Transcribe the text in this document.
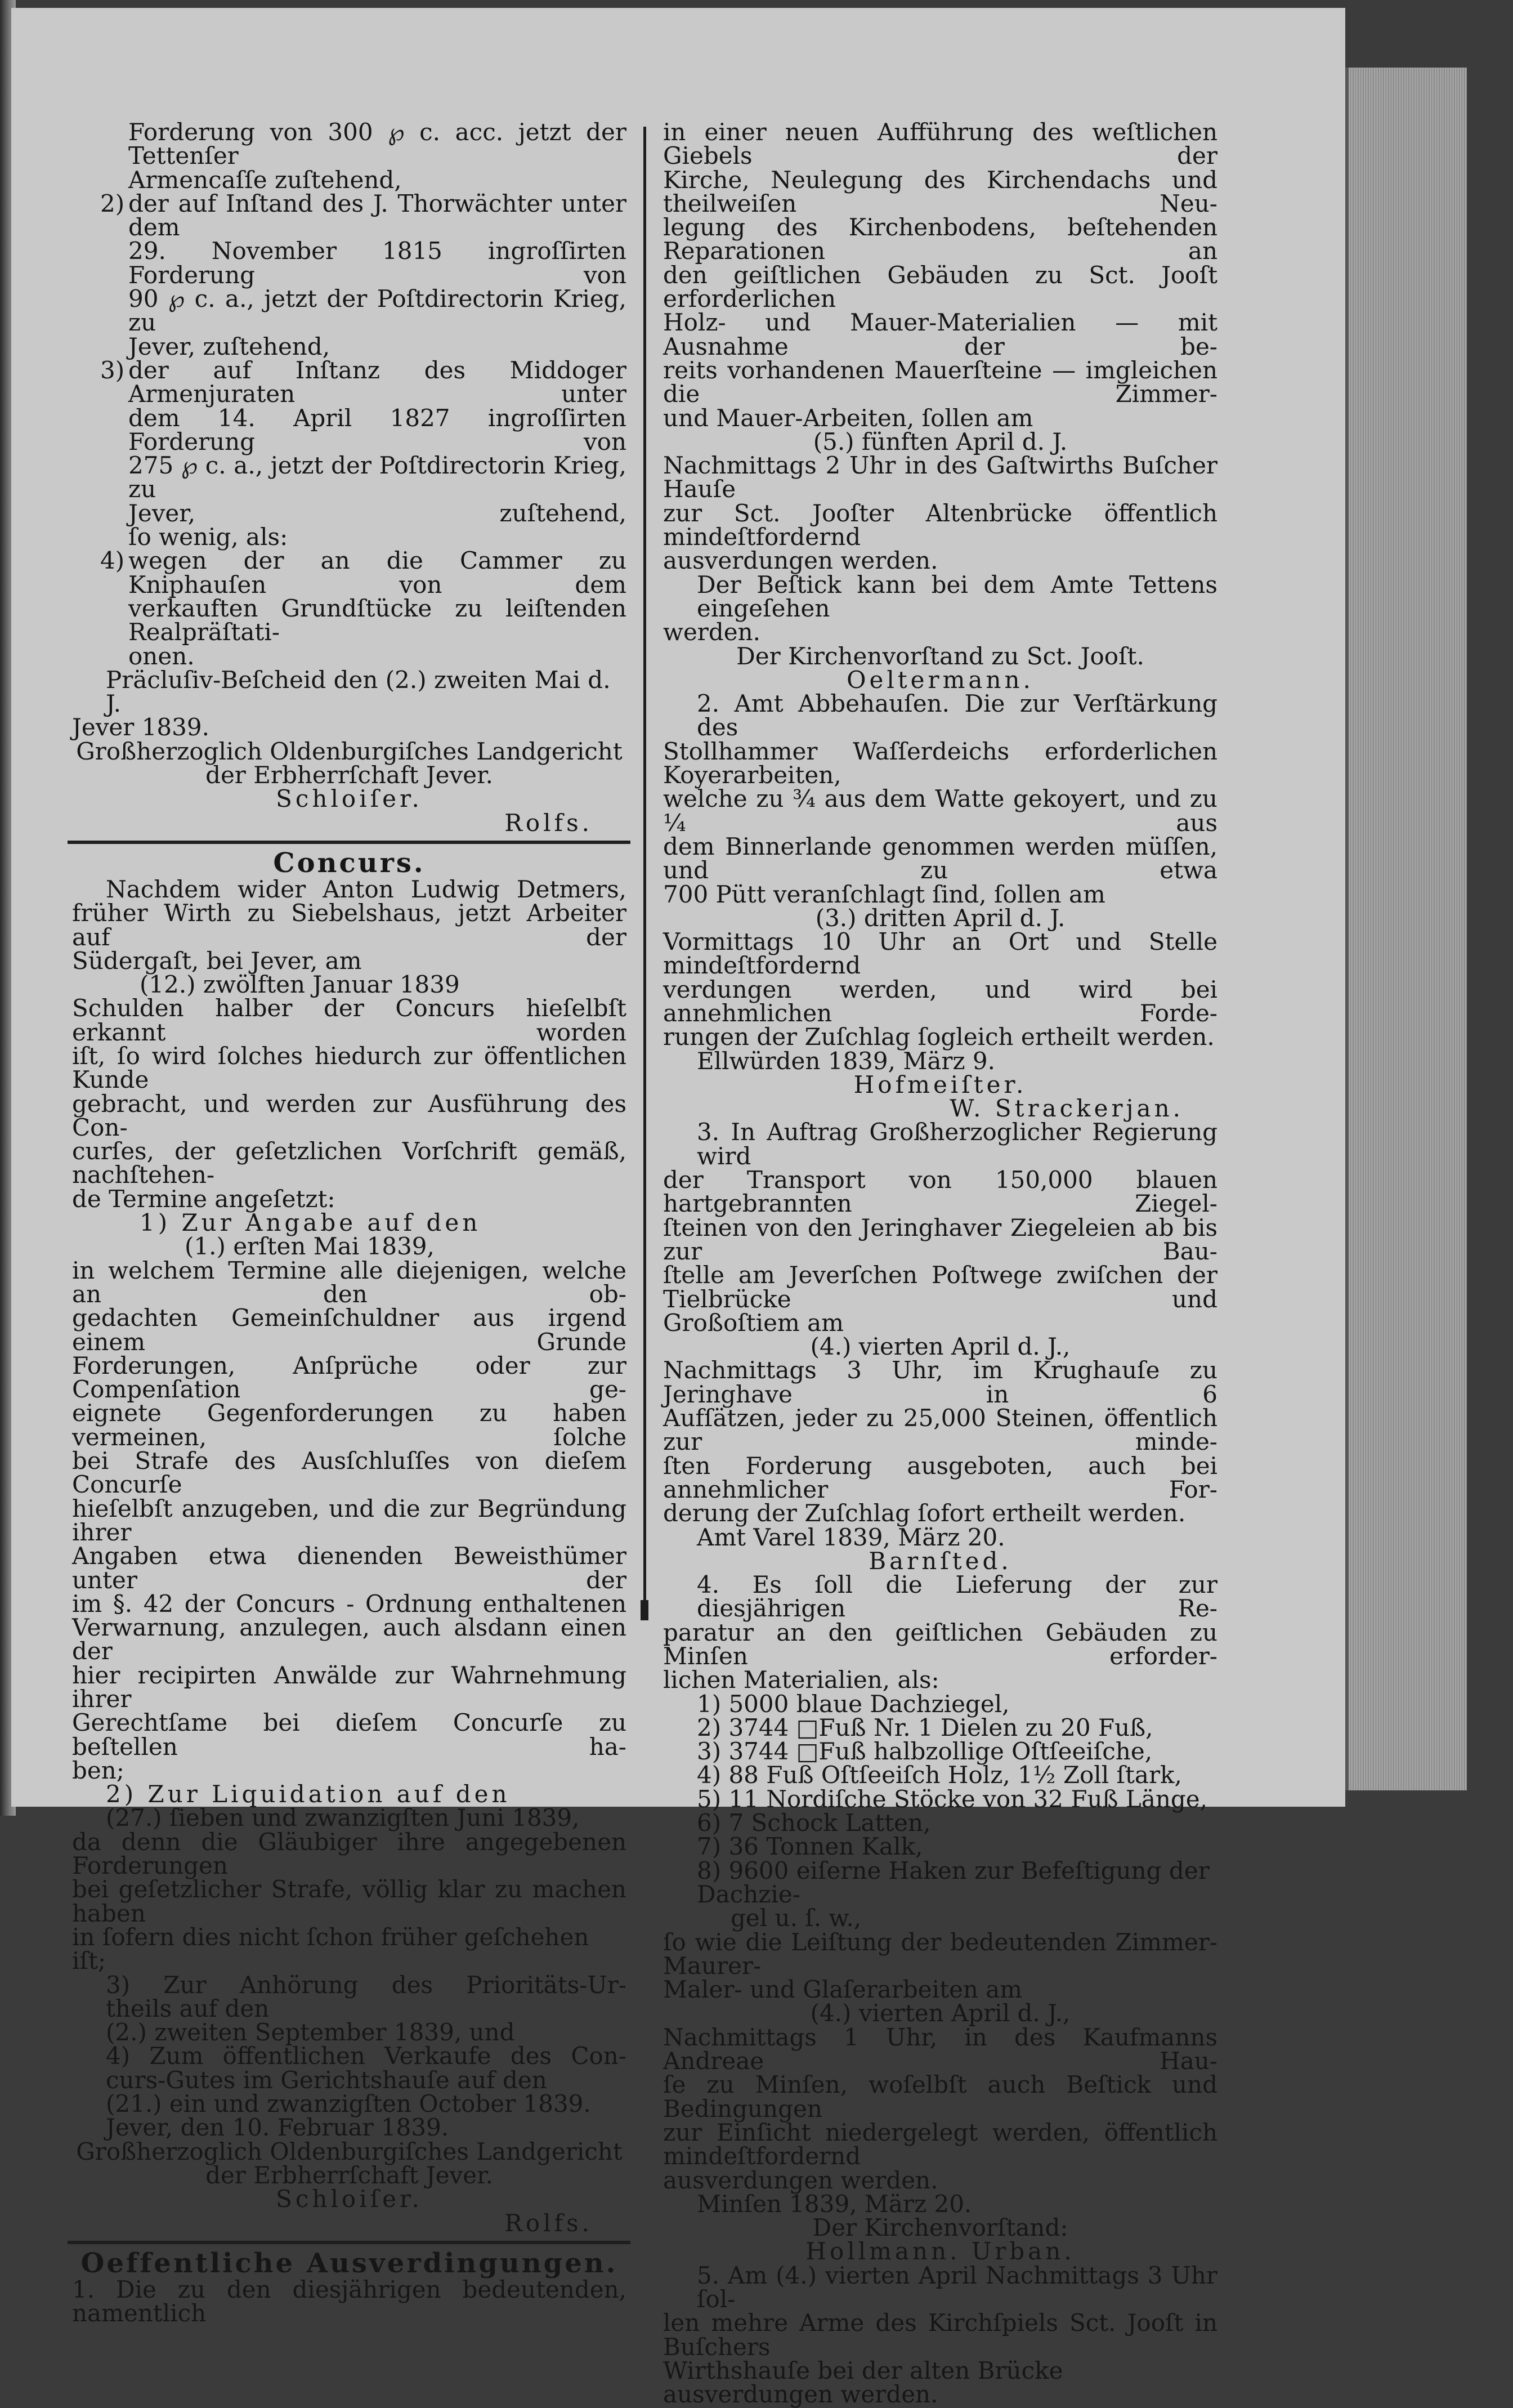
Forderung von 300 ℘ c. acc. jetzt der Tettenſer

Armencaſſe zuſtehend,

2) der auf Inſtand des J. Thorwächter unter dem

29. November 1815 ingroſſirten Forderung von

90 ℘ c. a., jetzt der Poſtdirectorin Krieg, zu

Jever, zuſtehend,

3) der auf Inſtanz des Middoger Armenjuraten unter

dem 14. April 1827 ingroſſirten Forderung von

275 ℘ c. a., jetzt der Poſtdirectorin Krieg, zu

Jever, zuſtehend,

ſo wenig, als:

4) wegen der an die Cammer zu Kniphauſen von dem

verkauften Grundſtücke zu leiſtenden Realpräſtati-

onen.

Präcluſiv-Beſcheid den (2.) zweiten Mai d. J.

Jever 1839.

Großherzoglich Oldenburgiſches Landgericht

der Erbherrſchaft Jever.

Schloiſer.

Rolfs.

Concurs.

Nachdem wider Anton Ludwig Detmers,

früher Wirth zu Siebelshaus, jetzt Arbeiter auf der

Südergaſt, bei Jever, am

(12.) zwölften Januar 1839

Schulden halber der Concurs hieſelbſt erkannt worden

iſt, ſo wird ſolches hiedurch zur öffentlichen Kunde

gebracht, und werden zur Ausführung des Con-

curſes, der geſetzlichen Vorſchrift gemäß, nachſtehen-

de Termine angeſetzt:

1) Zur Angabe auf den

(1.) erſten Mai 1839,

in welchem Termine alle diejenigen, welche an den ob-

gedachten Gemeinſchuldner aus irgend einem Grunde

Forderungen, Anſprüche oder zur Compenſation ge-

eignete Gegenforderungen zu haben vermeinen, ſolche

bei Strafe des Ausſchluſſes von dieſem Concurſe

hieſelbſt anzugeben, und die zur Begründung ihrer

Angaben etwa dienenden Beweisthümer unter der

im §. 42 der Concurs - Ordnung enthaltenen

Verwarnung, anzulegen, auch alsdann einen der

hier recipirten Anwälde zur Wahrnehmung ihrer

Gerechtſame bei dieſem Concurſe zu beſtellen ha-

ben;

2) Zur Liquidation auf den

(27.) ſieben und zwanzigſten Juni 1839,

da denn die Gläubiger ihre angegebenen Forderungen

bei geſetzlicher Strafe, völlig klar zu machen haben

in ſofern dies nicht ſchon früher geſchehen iſt;

3) Zur Anhörung des Prioritäts-Ur-

theils auf den

(2.) zweiten September 1839, und

4) Zum öffentlichen Verkaufe des Con-

curs-Gutes im Gerichtshauſe auf den

(21.) ein und zwanzigſten October 1839.

Jever, den 10. Februar 1839.

Großherzoglich Oldenburgiſches Landgericht

der Erbherrſchaft Jever.

Schloiſer.

Rolfs.

Oeffentliche Ausverdingungen.

1. Die zu den diesjährigen bedeutenden, namentlich

in einer neuen Aufführung des weſtlichen Giebels der

Kirche, Neulegung des Kirchendachs und theilweiſen Neu-

legung des Kirchenbodens, beſtehenden Reparationen an

den geiſtlichen Gebäuden zu Sct. Jooſt erforderlichen

Holz- und Mauer-Materialien — mit Ausnahme der be-

reits vorhandenen Mauerſteine — imgleichen die Zimmer-

und Mauer-Arbeiten, ſollen am

(5.) fünften April d. J.

Nachmittags 2 Uhr in des Gaſtwirths Buſcher Hauſe

zur Sct. Jooſter Altenbrücke öffentlich mindeſtfordernd

ausverdungen werden.

Der Beſtick kann bei dem Amte Tettens eingeſehen

werden.

Der Kirchenvorſtand zu Sct. Jooſt.

Oeltermann.

2. Amt Abbehauſen. Die zur Verſtärkung des

Stollhammer Waſſerdeichs erforderlichen Koyerarbeiten,

welche zu ¾ aus dem Watte gekoyert, und zu ¼ aus

dem Binnerlande genommen werden müſſen, und zu etwa

700 Pütt veranſchlagt ſind, ſollen am

(3.) dritten April d. J.

Vormittags 10 Uhr an Ort und Stelle mindeſtfordernd

verdungen werden, und wird bei annehmlichen Forde-

rungen der Zuſchlag ſogleich ertheilt werden.

Ellwürden 1839, März 9.

Hofmeiſter.

W. Strackerjan.

3. In Auftrag Großherzoglicher Regierung wird

der Transport von 150,000 blauen hartgebrannten Ziegel-

ſteinen von den Jeringhaver Ziegeleien ab bis zur Bau-

ſtelle am Jeverſchen Poſtwege zwiſchen der Tielbrücke und

Großoſtiem am

(4.) vierten April d. J.,

Nachmittags 3 Uhr, im Krughauſe zu Jeringhave in 6

Aufſätzen, jeder zu 25,000 Steinen, öffentlich zur minde-

ſten Forderung ausgeboten, auch bei annehmlicher For-

derung der Zuſchlag ſofort ertheilt werden.

Amt Varel 1839, März 20.

Barnſted.

4. Es ſoll die Lieferung der zur diesjährigen Re-

paratur an den geiſtlichen Gebäuden zu Minſen erforder-

lichen Materialien, als:

1) 5000 blaue Dachziegel,

2) 3744 □Fuß Nr. 1 Dielen zu 20 Fuß,

3) 3744 □Fuß halbzollige Oſtſeeiſche,

4) 88 Fuß Oſtſeeiſch Holz, 1½ Zoll ſtark,

5) 11 Nordiſche Stöcke von 32 Fuß Länge,

6) 7 Schock Latten,

7) 36 Tonnen Kalk,

8) 9600 eiſerne Haken zur Befeſtigung der Dachzie-

gel u. ſ. w.,

ſo wie die Leiſtung der bedeutenden Zimmer-Maurer-

Maler- und Glaſerarbeiten am

(4.) vierten April d. J.,

Nachmittags 1 Uhr, in des Kaufmanns Andreae Hau-

ſe zu Minſen, woſelbſt auch Beſtick und Bedingungen

zur Einſicht niedergelegt werden, öffentlich mindeſtfordernd

ausverdungen werden.

Minſen 1839, März 20.

Der Kirchenvorſtand:

Hollmann. Urban.

5. Am (4.) vierten April Nachmittags 3 Uhr ſol-

len mehre Arme des Kirchſpiels Sct. Jooſt in Buſchers

Wirthshauſe bei der alten Brücke ausverdungen werden.
